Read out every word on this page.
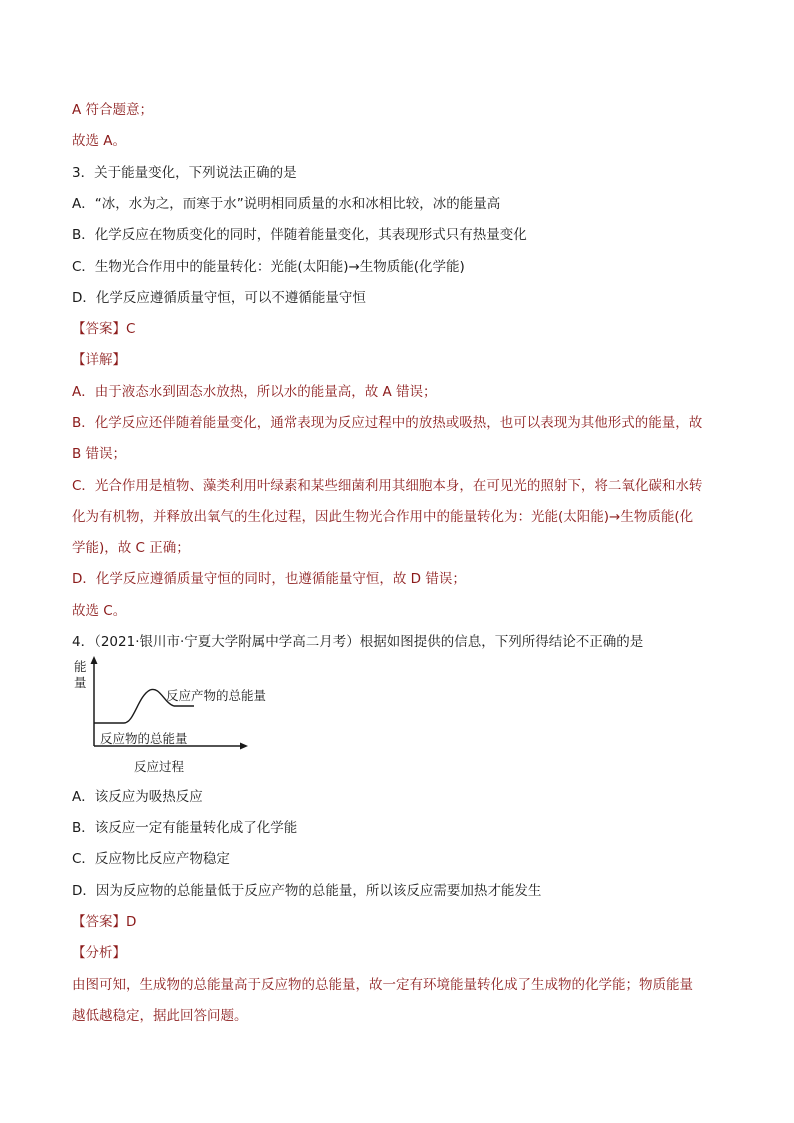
A 符合题意；
故选 A。
3．关于能量变化，下列说法正确的是
A．“冰，水为之，而寒于水”说明相同质量的水和冰相比较，冰的能量高
B．化学反应在物质变化的同时，伴随着能量变化，其表现形式只有热量变化
C．生物光合作用中的能量转化：光能(太阳能)→生物质能(化学能)
D．化学反应遵循质量守恒，可以不遵循能量守恒
【答案】C
【详解】
A．由于液态水到固态水放热，所以水的能量高，故 A 错误；
B．化学反应还伴随着能量变化，通常表现为反应过程中的放热或吸热，也可以表现为其他形式的能量，故
B 错误；
C．光合作用是植物、藻类利用叶绿素和某些细菌利用其细胞本身，在可见光的照射下，将二氧化碳和水转
化为有机物，并释放出氧气的生化过程，因此生物光合作用中的能量转化为：光能(太阳能)→生物质能(化
学能)，故 C 正确；
D．化学反应遵循质量守恒的同时，也遵循能量守恒，故 D 错误；
故选 C。
4．（2021·银川市·宁夏大学附属中学高二月考）根据如图提供的信息，下列所得结论不正确的是
能
量
反应产物的总能量
反应物的总能量
反应过程
A．该反应为吸热反应
B．该反应一定有能量转化成了化学能
C．反应物比反应产物稳定
D．因为反应物的总能量低于反应产物的总能量，所以该反应需要加热才能发生
【答案】D
【分析】
由图可知，生成物的总能量高于反应物的总能量，故一定有环境能量转化成了生成物的化学能；物质能量
越低越稳定，据此回答问题。
